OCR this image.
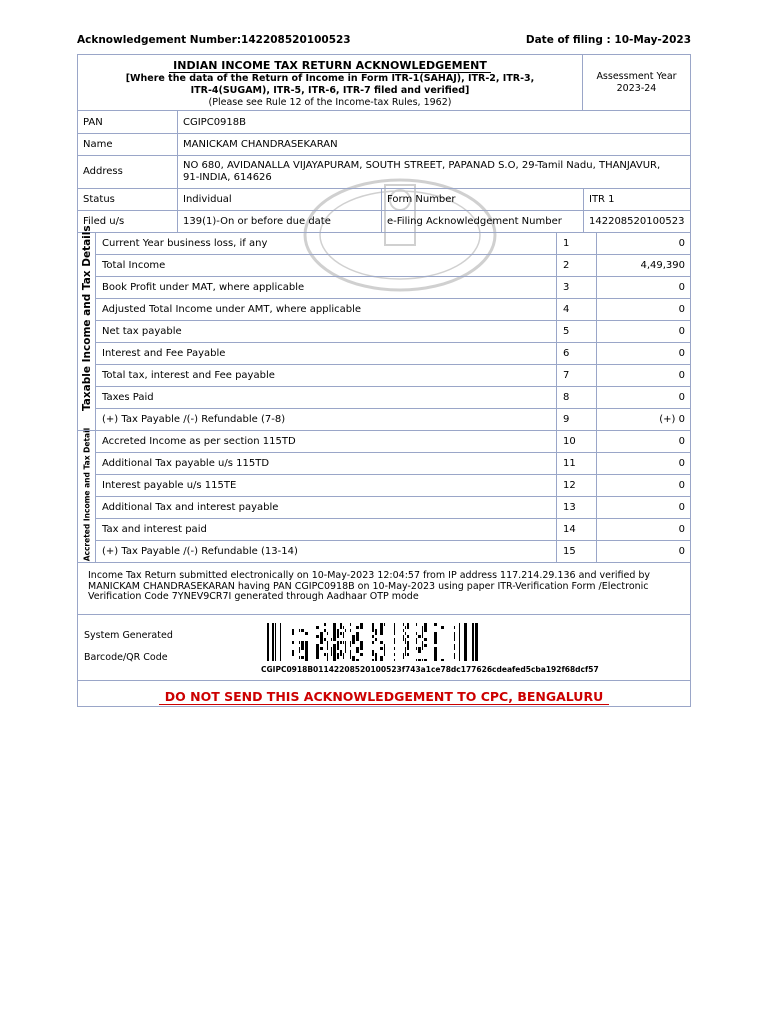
Acknowledgement Number:142208520100523	Date of filing : 10-May-2023
INDIAN INCOME TAX RETURN ACKNOWLEDGEMENT
[Where the data of the Return of Income in Form ITR-1(SAHAJ), ITR-2, ITR-3,
ITR-4(SUGAM), ITR-5, ITR-6, ITR-7 filed and verified]
(Please see Rule 12 of the Income-tax Rules, 1962)
Assessment Year
2023-24
PAN	CGIPC0918B
Name	MANICKAM CHANDRASEKARAN
Address
NO 680, AVIDANALLA VIJAYAPURAM, SOUTH STREET, PAPANAD S.O, 29-Tamil Nadu, THANJAVUR,
91-INDIA, 614626
Status	Individual	Form Number	ITR 1
Filed u/s	139(1)-On or before due date	e-Filing Acknowledgement Number	142208520100523
Taxable Income and Tax Details
Accreted Income and Tax Detail
Current Year business loss, if any	1	0
Total Income	2	4,49,390
Book Profit under MAT, where applicable	3	0
Adjusted Total Income under AMT, where applicable	4	0
Net tax payable	5	0
Interest and Fee Payable	6	0
Total tax, interest and Fee payable	7	0
Taxes Paid	8	0
(+) Tax Payable /(-) Refundable (7-8)	9	(+) 0
Accreted Income as per section 115TD	10	0
Additional Tax payable u/s 115TD	11	0
Interest payable u/s 115TE	12	0
Additional Tax and interest payable	13	0
Tax and interest paid	14	0
(+) Tax Payable /(-) Refundable (13-14)	15	0
Income Tax Return submitted electronically on 10-May-2023 12:04:57 from IP address 117.214.29.136 and verified by MANICKAM CHANDRASEKARAN having PAN CGIPC0918B on 10-May-2023 using paper ITR-Verification Form /Electronic Verification Code 7YNEV9CR7I generated through Aadhaar OTP mode
System Generated
Barcode/QR Code
CGIPC0918B01142208520100523f743a1ce78dc177626cdeafed5cba192f68dcf57
DO NOT SEND THIS ACKNOWLEDGEMENT TO CPC, BENGALURU
